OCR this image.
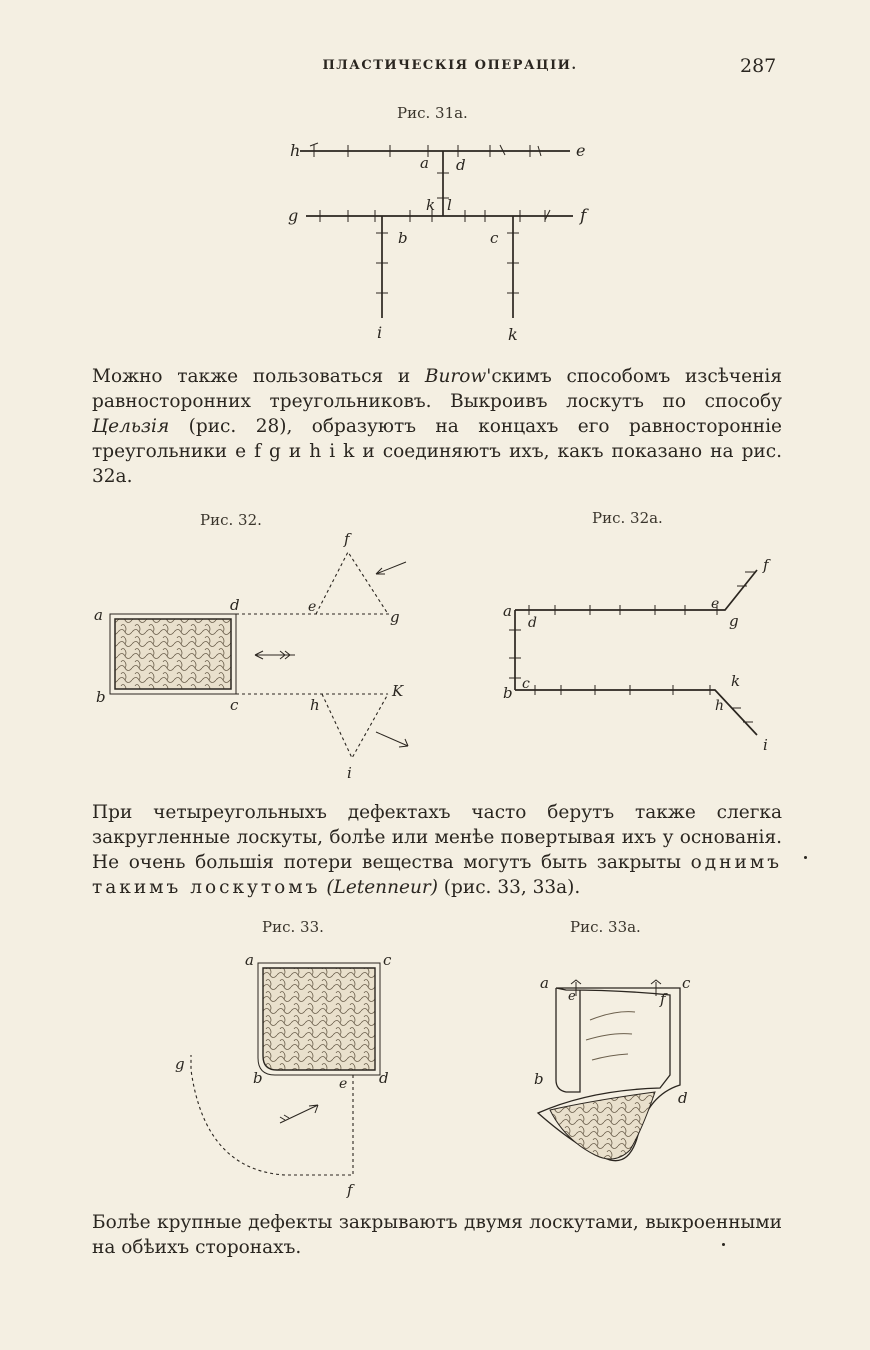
ПЛАСТИЧЕСКІЯ ОПЕРАЦІИ.	287
Рис. 31а.
h	e
a d
k l
g	f
b	c
i	k
Можно также пользоваться и Burow'скимъ способомъ изсѣченія равносторонних треугольниковъ. Выкроивъ лоскутъ по способу Цельзія (рис. 28), образуютъ на концахъ его равносторонніе треугольники e f g и h i k и соединяютъ ихъ, какъ показано на рис. 32а.
Рис. 32.
f
a
d	e
g
b	c	h
K
i
Рис. 32а.
a
d
e
f
g
b c	k
h
i
При четыреугольныхъ дефектахъ часто берутъ также слегка закругленные лоскуты, болѣе или менѣе повертывая ихъ у основанія. Не очень большія потери вещества могутъ быть закрыты однимъ такимъ лоскутомъ (Letenneur) (рис. 33, 33а).
Рис. 33.
a	c
g
b	e d
f
Рис. 33а.
a
e	f
c
b
d
Болѣе крупные дефекты закрываютъ двумя лоскутами, выкроенными на обѣихъ сторонахъ.
